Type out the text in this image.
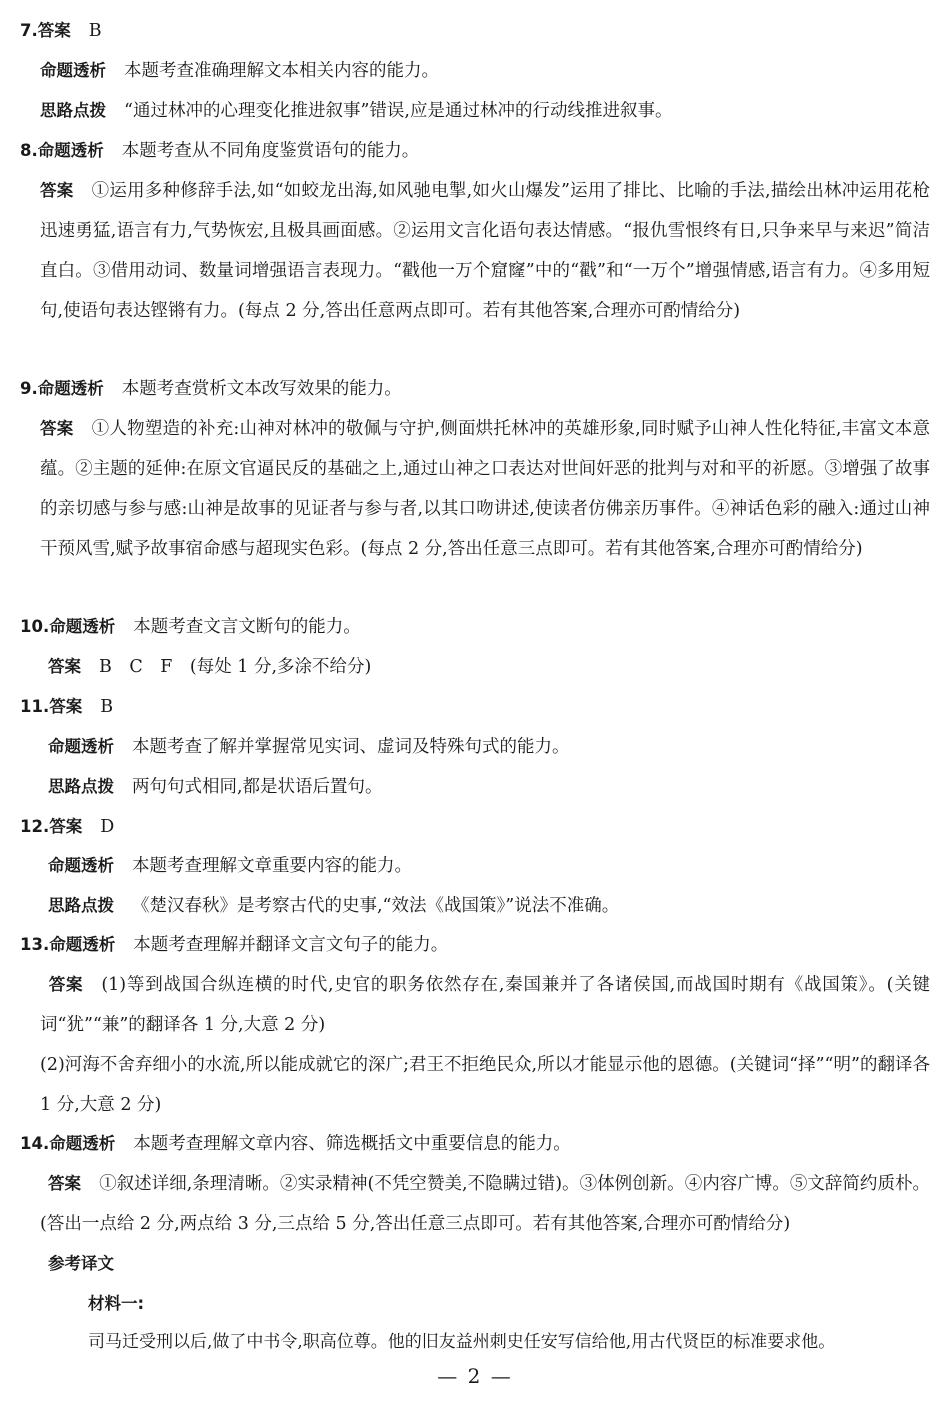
7.答案 B
命题透析 本题考查准确理解文本相关内容的能力。
思路点拨 “通过林冲的心理变化推进叙事”错误,应是通过林冲的行动线推进叙事。
8.命题透析 本题考查从不同角度鉴赏语句的能力。
答案 ①运用多种修辞手法,如“如蛟龙出海,如风驰电掣,如火山爆发”运用了排比、比喻的手法,描绘出林冲运用花枪迅速勇猛,语言有力,气势恢宏,且极具画面感。②运用文言化语句表达情感。“报仇雪恨终有日,只争来早与来迟”简洁直白。③借用动词、数量词增强语言表现力。“戳他一万个窟窿”中的“戳”和“一万个”增强情感,语言有力。④多用短句,使语句表达铿锵有力。(每点 2 分,答出任意两点即可。若有其他答案,合理亦可酌情给分)
9.命题透析 本题考查赏析文本改写效果的能力。
答案 ①人物塑造的补充:山神对林冲的敬佩与守护,侧面烘托林冲的英雄形象,同时赋予山神人性化特征,丰富文本意蕴。②主题的延伸:在原文官逼民反的基础之上,通过山神之口表达对世间奸恶的批判与对和平的祈愿。③增强了故事的亲切感与参与感:山神是故事的见证者与参与者,以其口吻讲述,使读者仿佛亲历事件。④神话色彩的融入:通过山神干预风雪,赋予故事宿命感与超现实色彩。(每点 2 分,答出任意三点即可。若有其他答案,合理亦可酌情给分)
10.命题透析 本题考查文言文断句的能力。
答案 B　C　F　(每处 1 分,多涂不给分)
11.答案 B
命题透析 本题考查了解并掌握常见实词、虚词及特殊句式的能力。
思路点拨 两句句式相同,都是状语后置句。
12.答案 D
命题透析 本题考查理解文章重要内容的能力。
思路点拨 《楚汉春秋》是考察古代的史事,“效法《战国策》”说法不准确。
13.命题透析 本题考查理解并翻译文言文句子的能力。
答案 (1)等到战国合纵连横的时代,史官的职务依然存在,秦国兼并了各诸侯国,而战国时期有《战国策》。(关键词“犹”“兼”的翻译各 1 分,大意 2 分)
(2)河海不舍弃细小的水流,所以能成就它的深广;君王不拒绝民众,所以才能显示他的恩德。(关键词“择”“明”的翻译各 1 分,大意 2 分)
14.命题透析 本题考查理解文章内容、筛选概括文中重要信息的能力。
答案 ①叙述详细,条理清晰。②实录精神(不凭空赞美,不隐瞒过错)。③体例创新。④内容广博。⑤文辞简约质朴。(答出一点给 2 分,两点给 3 分,三点给 5 分,答出任意三点即可。若有其他答案,合理亦可酌情给分)
参考译文
材料一:
司马迁受刑以后,做了中书令,职高位尊。他的旧友益州刺史任安写信给他,用古代贤臣的标准要求他。
— 2 —
